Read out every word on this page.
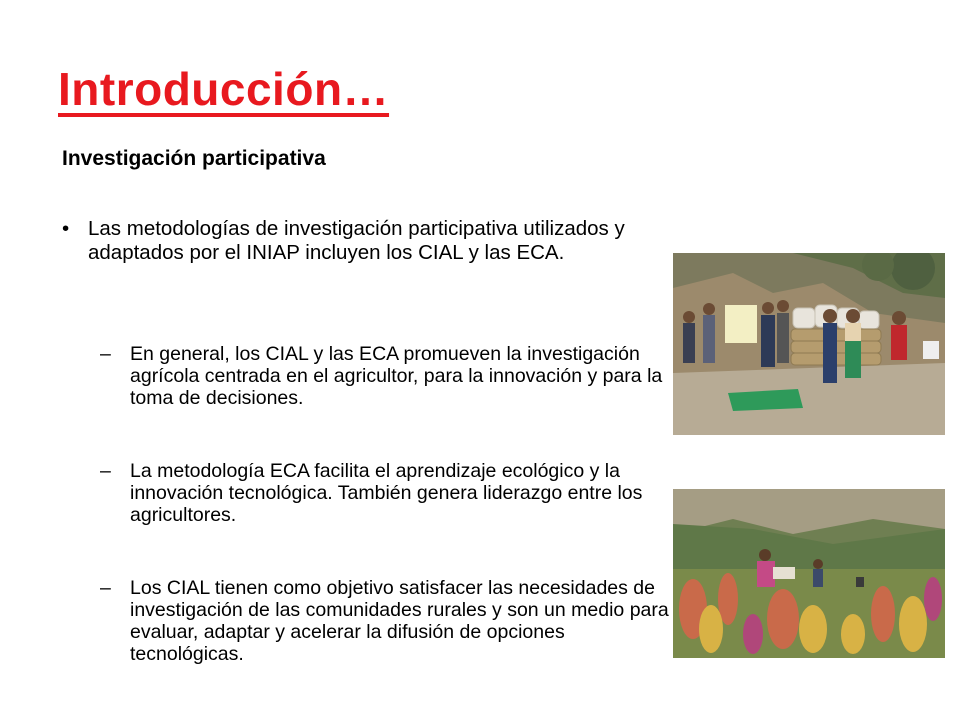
Introducción…
Investigación participativa
• Las metodologías de investigación participativa utilizados y adaptados por el INIAP incluyen los CIAL y las ECA.
– En general, los CIAL y las ECA promueven la investigación agrícola centrada en el agricultor, para la innovación y para la toma de decisiones.
– La metodología ECA facilita el aprendizaje ecológico y la innovación tecnológica. También genera liderazgo entre los agricultores.
– Los CIAL tienen como objetivo satisfacer las necesidades de investigación de las comunidades rurales y son un medio para evaluar, adaptar y acelerar la difusión de opciones tecnológicas.
